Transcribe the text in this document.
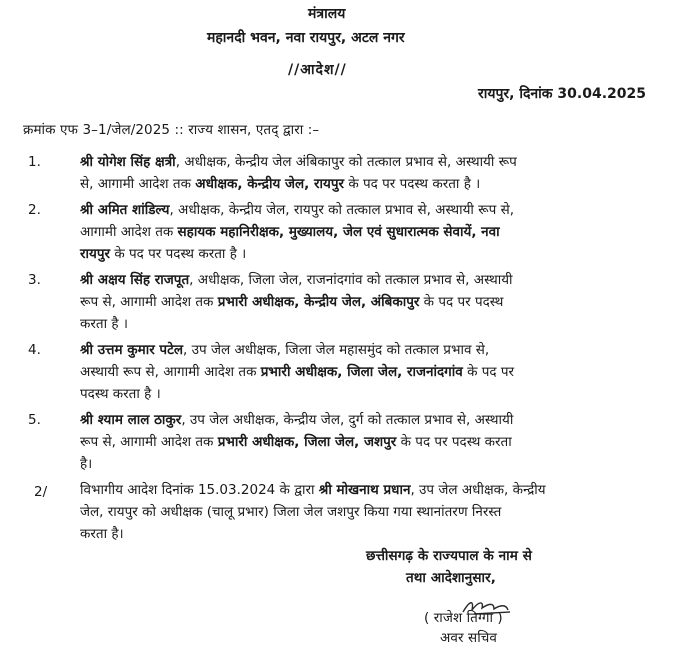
मंत्रालय
महानदी भवन, नवा रायपुर, अटल नगर
//आदेश//
रायपुर, दिनांक 30.04.2025
क्रमांक एफ 3–1/जेल/2025 :: राज्य शासन, एतद् द्वारा :–
1.	श्री योगेश सिंह क्षत्री, अधीक्षक, केन्द्रीय जेल अंबिकापुर को तत्काल प्रभाव से, अस्थायी रूप
से, आगामी आदेश तक अधीक्षक, केन्द्रीय जेल, रायपुर के पद पर पदस्थ करता है ।
2.	श्री अमित शांडिल्य, अधीक्षक, केन्द्रीय जेल, रायपुर को तत्काल प्रभाव से, अस्थायी रूप से,
आगामी आदेश तक सहायक महानिरीक्षक, मुख्यालय, जेल एवं सुधारात्मक सेवायें, नवा
रायपुर के पद पर पदस्थ करता है ।
3.	श्री अक्षय सिंह राजपूत, अधीक्षक, जिला जेल, राजनांदगांव को तत्काल प्रभाव से, अस्थायी
रूप से, आगामी आदेश तक प्रभारी अधीक्षक, केन्द्रीय जेल, अंबिकापुर के पद पर पदस्थ
करता है ।
4.	श्री उत्तम कुमार पटेल, उप जेल अधीक्षक, जिला जेल महासमुंद को तत्काल प्रभाव से,
अस्थायी रूप से, आगामी आदेश तक प्रभारी अधीक्षक, जिला जेल, राजनांदगांव के पद पर
पदस्थ करता है ।
5.	श्री श्याम लाल ठाकुर, उप जेल अधीक्षक, केन्द्रीय जेल, दुर्ग को तत्काल प्रभाव से, अस्थायी
रूप से, आगामी आदेश तक प्रभारी अधीक्षक, जिला जेल, जशपुर के पद पर पदस्थ करता
है।
2/ विभागीय आदेश दिनांक 15.03.2024 के द्वारा श्री मोखनाथ प्रधान, उप जेल अधीक्षक, केन्द्रीय
जेल, रायपुर को अधीक्षक (चालू प्रभार) जिला जेल जशपुर किया गया स्थानांतरण निरस्त
करता है।
छत्तीसगढ़ के राज्यपाल के नाम से
तथा आदेशानुसार,
( राजेश तिग्गा )
अवर सचिव
